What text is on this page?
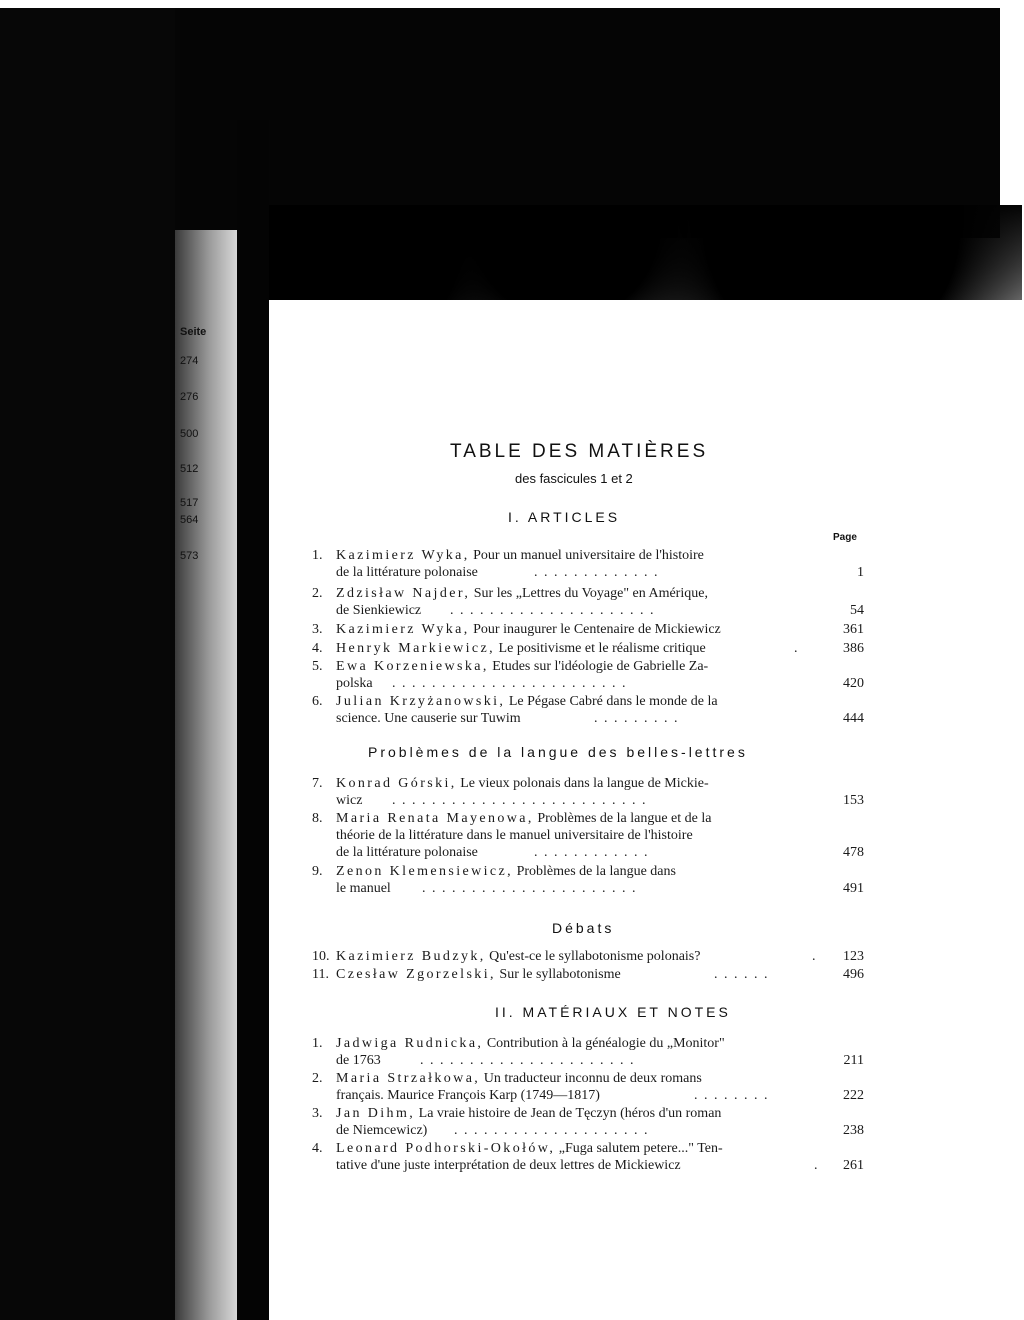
Seite
274
276
500
512
517
564
573
TABLE DES MATIÈRES
des fascicules 1 et 2
I. ARTICLES
Page
1. Kazimierz Wyka, Pour un manuel universitaire de l'histoire
de la littérature polonaise	.............	1
2. Zdzisław Najder, Sur les „Lettres du Voyage" en Amérique,
de Sienkiewicz .....................	54
3. Kazimierz Wyka, Pour inaugurer le Centenaire de Mickiewicz	361
4. Henryk Markiewicz, Le positivisme et le réalisme critique	.	386
5. Ewa Korzeniewska, Etudes sur l'idéologie de Gabrielle Za-
polska ........................	420
6. Julian Krzyżanowski, Le Pégase Cabré dans le monde de la
science. Une causerie sur Tuwim	.........	444
Problèmes de la langue des belles-lettres
7. Konrad Górski, Le vieux polonais dans la langue de Mickie-
wicz ..........................	153
8. Maria Renata Mayenowa, Problèmes de la langue et de la
théorie de la littérature dans le manuel universitaire de l'histoire
de la littérature polonaise	............	478
9. Zenon Klemensiewicz, Problèmes de la langue dans
le manuel ......................	491
Débats
10. Kazimierz Budzyk, Qu'est-ce le syllabotonisme polonais?	. 123
11. Czesław Zgorzelski, Sur le syllabotonisme	......	496
II. MATÉRIAUX ET NOTES
1. Jadwiga Rudnicka, Contribution à la généalogie du „Monitor"
de 1763	......................	211
2. Maria Strzałkowa, Un traducteur inconnu de deux romans
français. Maurice François Karp (1749—1817)	........	222
3. Jan Dihm, La vraie histoire de Jean de Tęczyn (héros d'un roman
de Niemcewicz) ....................	238
4. Leonard Podhorski-Okołów, „Fuga salutem petere..." Ten-
tative d'une juste interprétation de deux lettres de Mickiewicz	. 261
